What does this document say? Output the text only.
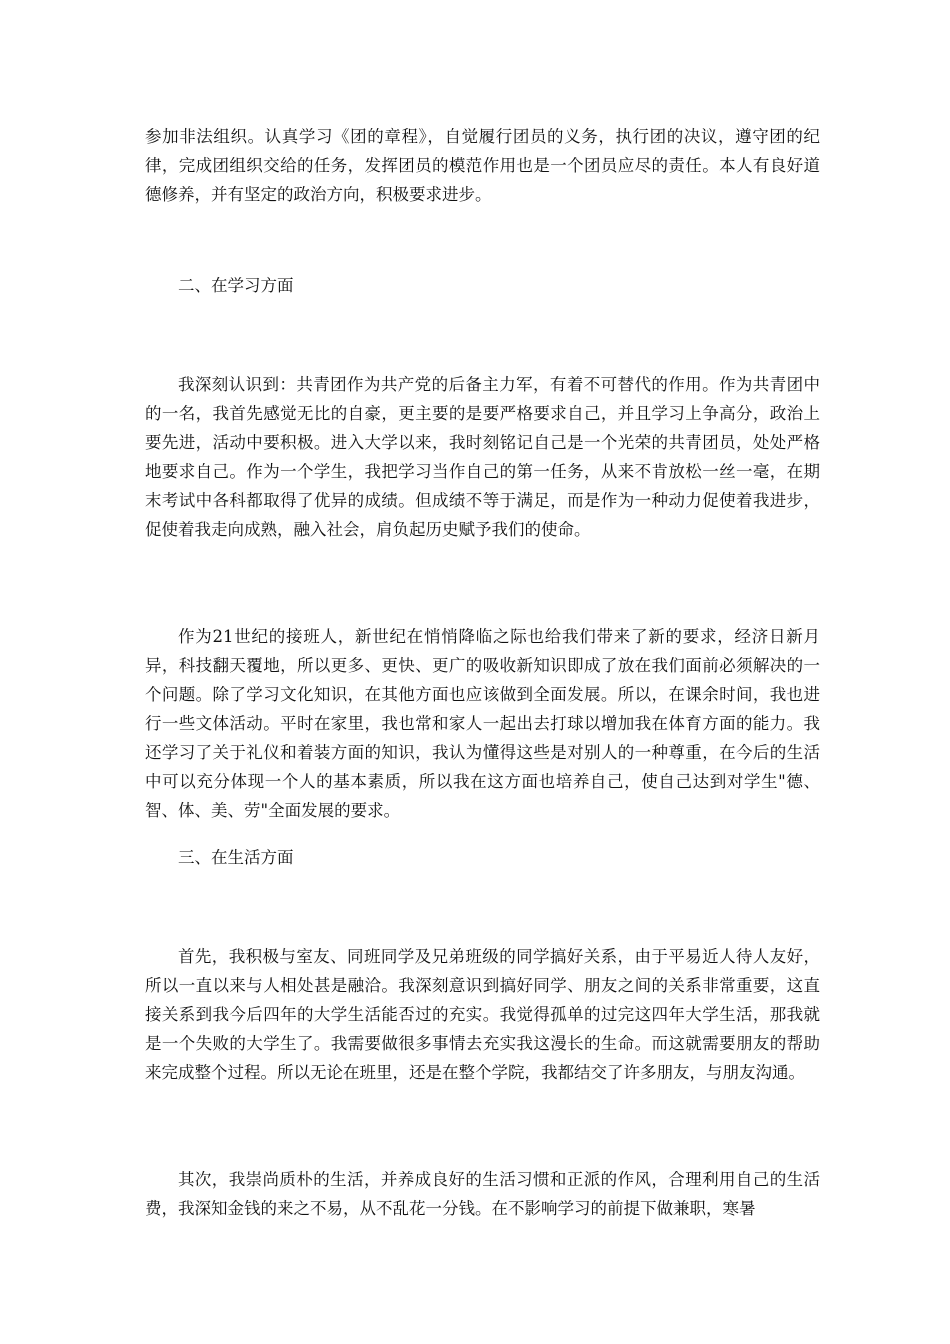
参加非法组织。认真学习《团的章程》，自觉履行团员的义务，执行团的决议，遵守团的纪律，完成团组织交给的任务，发挥团员的模范作用也是一个团员应尽的责任。本人有良好道德修养，并有坚定的政治方向，积极要求进步。

二、在学习方面

我深刻认识到：共青团作为共产党的后备主力军，有着不可替代的作用。作为共青团中的一名，我首先感觉无比的自豪，更主要的是要严格要求自己，并且学习上争高分，政治上要先进，活动中要积极。进入大学以来，我时刻铭记自己是一个光荣的共青团员，处处严格地要求自己。作为一个学生，我把学习当作自己的第一任务，从来不肯放松一丝一毫，在期末考试中各科都取得了优异的成绩。但成绩不等于满足，而是作为一种动力促使着我进步，促使着我走向成熟，融入社会，肩负起历史赋予我们的使命。

作为21世纪的接班人，新世纪在悄悄降临之际也给我们带来了新的要求，经济日新月异，科技翻天覆地，所以更多、更快、更广的吸收新知识即成了放在我们面前必须解决的一个问题。除了学习文化知识，在其他方面也应该做到全面发展。所以，在课余时间，我也进行一些文体活动。平时在家里，我也常和家人一起出去打球以增加我在体育方面的能力。我还学习了关于礼仪和着装方面的知识，我认为懂得这些是对别人的一种尊重，在今后的生活中可以充分体现一个人的基本素质，所以我在这方面也培养自己，使自己达到对学生"德、智、体、美、劳"全面发展的要求。

三、在生活方面

首先，我积极与室友、同班同学及兄弟班级的同学搞好关系，由于平易近人待人友好，所以一直以来与人相处甚是融洽。我深刻意识到搞好同学、朋友之间的关系非常重要，这直接关系到我今后四年的大学生活能否过的充实。我觉得孤单的过完这四年大学生活，那我就是一个失败的大学生了。我需要做很多事情去充实我这漫长的生命。而这就需要朋友的帮助来完成整个过程。所以无论在班里，还是在整个学院，我都结交了许多朋友，与朋友沟通。

其次，我崇尚质朴的生活，并养成良好的生活习惯和正派的作风，合理利用自己的生活费，我深知金钱的来之不易，从不乱花一分钱。在不影响学习的前提下做兼职，寒暑
